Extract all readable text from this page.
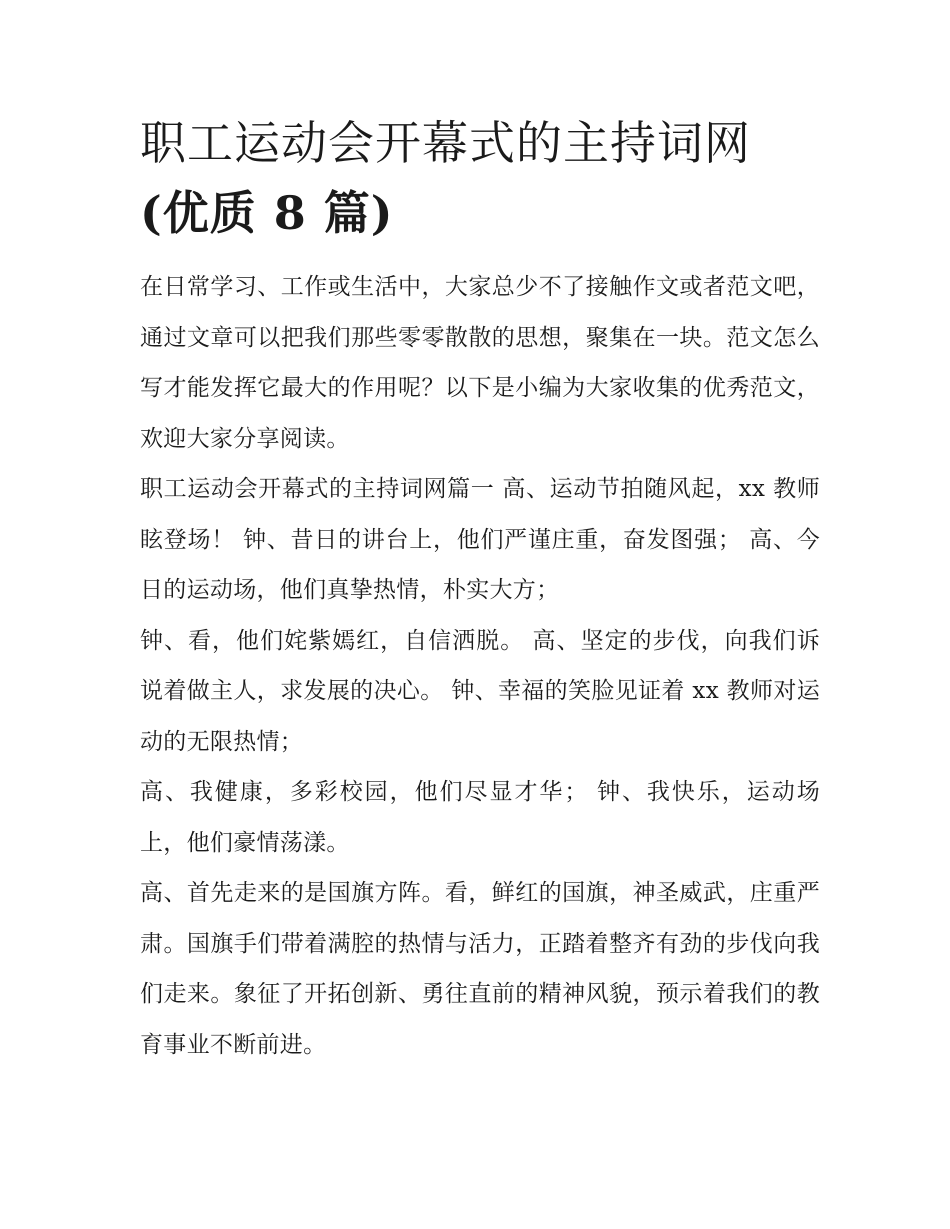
职工运动会开幕式的主持词网
(优质 8 篇)

在日常学习、工作或生活中，大家总少不了接触作文或者范文吧，通过文章可以把我们那些零零散散的思想，聚集在一块。范文怎么写才能发挥它最大的作用呢？以下是小编为大家收集的优秀范文，欢迎大家分享阅读。

职工运动会开幕式的主持词网篇一 高、运动节拍随风起，xx 教师眩登场！ 钟、昔日的讲台上，他们严谨庄重，奋发图强； 高、今日的运动场，他们真挚热情，朴实大方；

钟、看，他们姹紫嫣红，自信洒脱。 高、坚定的步伐，向我们诉说着做主人，求发展的决心。 钟、幸福的笑脸见证着 xx 教师对运动的无限热情；

高、我健康，多彩校园，他们尽显才华； 钟、我快乐，运动场上，他们豪情荡漾。

高、首先走来的是国旗方阵。看，鲜红的国旗，神圣威武，庄重严肃。国旗手们带着满腔的热情与活力，正踏着整齐有劲的步伐向我们走来。象征了开拓创新、勇往直前的精神风貌，预示着我们的教育事业不断前进。
